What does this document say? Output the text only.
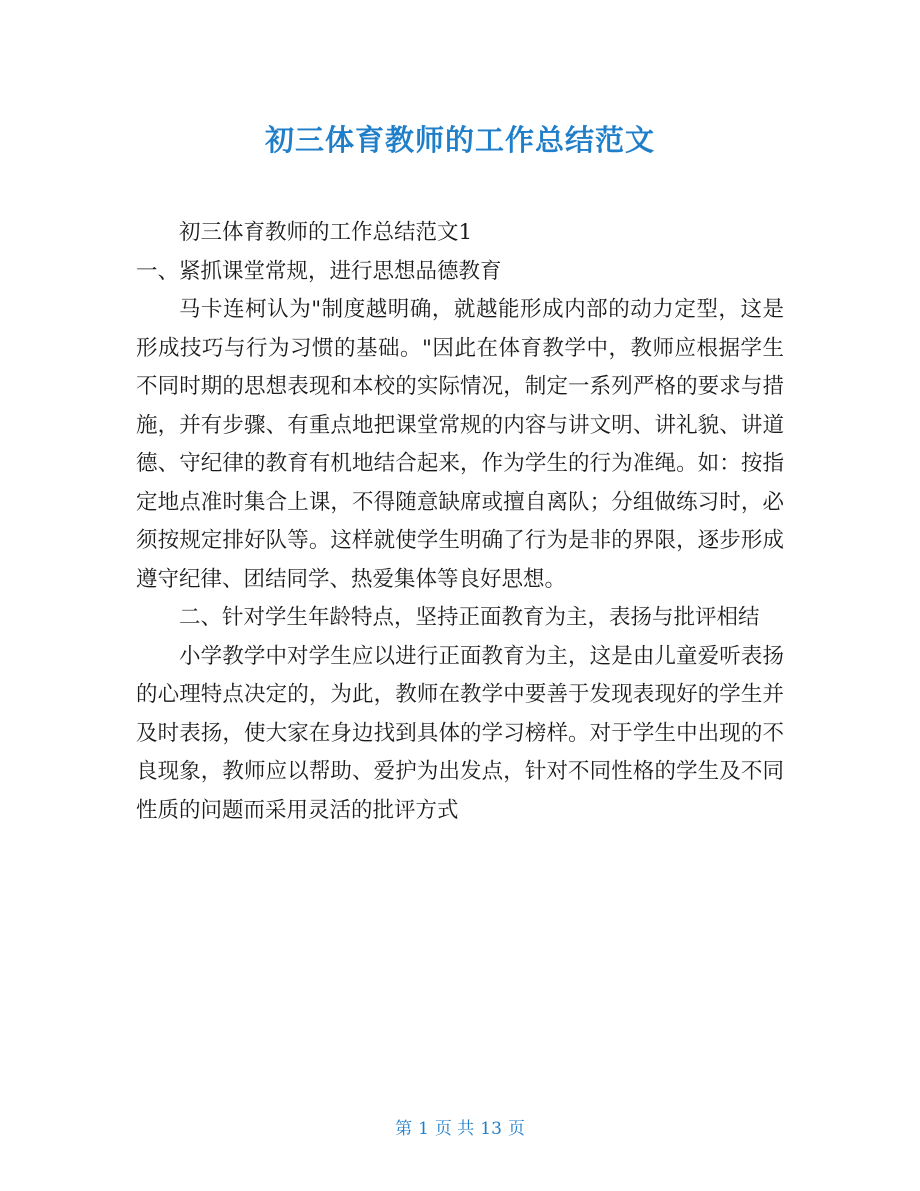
初三体育教师的工作总结范文

初三体育教师的工作总结范文1

一、紧抓课堂常规，进行思想品德教育

马卡连柯认为"制度越明确，就越能形成内部的动力定型，这是形成技巧与行为习惯的基础。"因此在体育教学中，教师应根据学生不同时期的思想表现和本校的实际情况，制定一系列严格的要求与措施，并有步骤、有重点地把课堂常规的内容与讲文明、讲礼貌、讲道德、守纪律的教育有机地结合起来，作为学生的行为准绳。如：按指定地点准时集合上课，不得随意缺席或擅自离队；分组做练习时，必须按规定排好队等。这样就使学生明确了行为是非的界限，逐步形成遵守纪律、团结同学、热爱集体等良好思想。

二、针对学生年龄特点，坚持正面教育为主，表扬与批评相结

小学教学中对学生应以进行正面教育为主，这是由儿童爱听表扬的心理特点决定的，为此，教师在教学中要善于发现表现好的学生并及时表扬，使大家在身边找到具体的学习榜样。对于学生中出现的不良现象，教师应以帮助、爱护为出发点，针对不同性格的学生及不同性质的问题而采用灵活的批评方式

第 1 页 共 13 页
